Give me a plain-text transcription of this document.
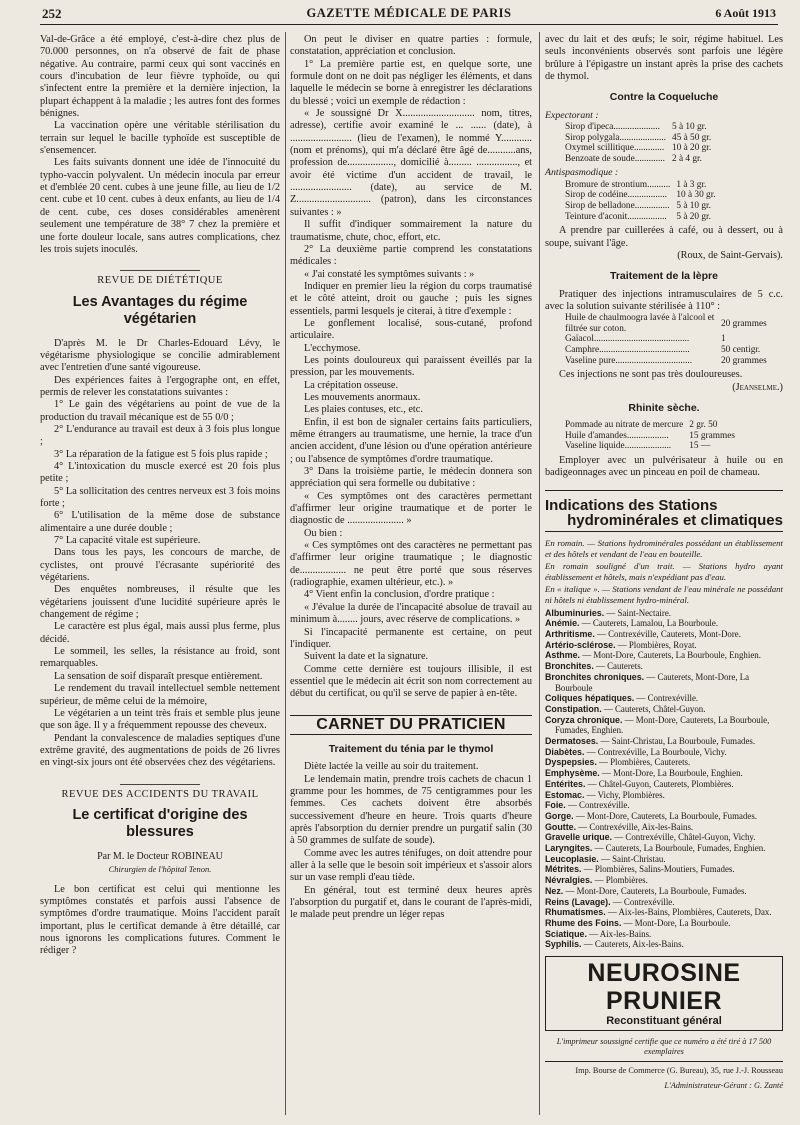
252	GAZETTE MÉDICALE DE PARIS	6 Août 1913

Val-de-Grâce a été employé, c'est-à-dire chez plus de 70.000 personnes, on n'a observé de fait de phase négative. Au contraire, parmi ceux qui sont vaccinés en cours d'incubation de leur fièvre typhoïde, ou qui s'infectent entre la première et la dernière injection, la plupart échappent à la maladie ; les autres font des formes bénignes.

La vaccination opère une véritable stérilisation du terrain sur lequel le bacille typhoïde est susceptible de s'ensemencer.

Les faits suivants donnent une idée de l'innocuité du typho-vaccin polyvalent. Un médecin inocula par erreur et d'emblée 20 cent. cubes à une jeune fille, au lieu de 1/2 cent. cube et 10 cent. cubes à deux enfants, au lieu de 1/4 de cent. cube, ces doses considérables amenèrent seulement une température de 38° 7 chez la première et une forte douleur locale, sans autres complications, chez les trois sujets inoculés.

REVUE DE DIÉTÉTIQUE
Les Avantages du régime végétarien

D'après M. le Dr Charles-Edouard Lévy, le végétarisme physiologique se concilie admirablement avec l'entretien d'une santé vigoureuse.

Des expériences faites à l'ergographe ont, en effet, permis de relever les constatations suivantes :

1° Le gain des végétariens au point de vue de la production du travail mécanique est de 55 0/0 ;

2° L'endurance au travail est deux à 3 fois plus longue ;

3° La réparation de la fatigue est 5 fois plus rapide ;

4° L'intoxication du muscle exercé est 20 fois plus petite ;

5° La sollicitation des centres nerveux est 3 fois moins forte ;

6° L'utilisation de la même dose de substance alimentaire a une durée double ;

7° La capacité vitale est supérieure.

Dans tous les pays, les concours de marche, de cyclistes, ont prouvé l'écrasante supériorité des végétariens.

Des enquêtes nombreuses, il résulte que les végétariens jouissent d'une lucidité supérieure après le changement de régime ;

Le caractère est plus égal, mais aussi plus ferme, plus décidé.

Le sommeil, les selles, la résistance au froid, sont remarquables.

La sensation de soif disparaît presque entièrement.

Le rendement du travail intellectuel semble nettement supérieur, de même celui de la mémoire,

Le végétarien a un teint très frais et semble plus jeune que son âge. Il y a fréquemment repousse des cheveux.

Pendant la convalescence de maladies septiques d'une extrême gravité, des augmentations de poids de 26 livres en vingt-six jours ont été observées chez des végétariens.

REVUE DES ACCIDENTS DU TRAVAIL
Le certificat d'origine des blessures

Par M. le Docteur ROBINEAU

Chirurgien de l'hôpital Tenon.

Le bon certificat est celui qui mentionne les symptômes constatés et parfois aussi l'absence de symptômes d'ordre traumatique. Moins l'accident paraît important, plus le certificat demande à être détaillé, car nous ignorons les complications futures. Comment le rédiger ?

On peut le diviser en quatre parties : formule, constatation, appréciation et conclusion.

1° La première partie est, en quelque sorte, une formule dont on ne doit pas négliger les éléments, et dans laquelle le médecin se borne à enregistrer les déclarations du blessé ; voici un exemple de rédaction :

« Je soussigné Dr X............................ nom, titres, adresse), certifie avoir examiné le ... ...... (date), à ........................ (lieu de l'examen), le nommé Y............ (nom et prénoms), qui m'a déclaré être âgé de...........ans, profession de.................., domicilié à......... ................, et avoir été victime d'un accident de travail, le ........................ (date), au service de M. Z............................. (patron), dans les circonstances suivantes : »

Il suffit d'indiquer sommairement la nature du traumatisme, chute, choc, effort, etc.

2° La deuxième partie comprend les constatations médicales :

« J'ai constaté les symptômes suivants : »

Indiquer en premier lieu la région du corps traumatisé et le côté atteint, droit ou gauche ; puis les signes essentiels, parmi lesquels je citerai, à titre d'exemple :

Le gonflement localisé, sous-cutané, profond articulaire.

L'ecchymose.

Les points douloureux qui paraissent éveillés par la pression, par les mouvements.

La crépitation osseuse.

Les mouvements anormaux.

Les plaies contuses, etc., etc.

Enfin, il est bon de signaler certains faits particuliers, même étrangers au traumatisme, une hernie, la trace d'un ancien accident, d'une lésion ou d'une opération antérieure ; ou l'absence de symptômes d'ordre traumatique.

3° Dans la troisième partie, le médecin donnera son appréciation qui sera formelle ou dubitative :

« Ces symptômes ont des caractères permettant d'affirmer leur origine traumatique et de porter le diagnostic de ...................... »

Ou bien :

« Ces symptômes ont des caractères ne permettant pas d'affirmer leur origine traumatique ; le diagnostic de.................. ne peut être porté que sous réserves (radiographie, examen ultérieur, etc.). »

4° Vient enfin la conclusion, d'ordre pratique :

« J'évalue la durée de l'incapacité absolue de travail au minimum à........ jours, avec réserve de complications. »

Si l'incapacité permanente est certaine, on peut l'indiquer.

Suivent la date et la signature.

Comme cette dernière est toujours illisible, il est essentiel que le médecin ait écrit son nom correctement au début du certificat, ou qu'il se serve de papier à en-tête.

CARNET DU PRATICIEN
Traitement du ténia par le thymol

Diète lactée la veille au soir du traitement.

Le lendemain matin, prendre trois cachets de chacun 1 gramme pour les hommes, de 75 centigrammes pour les femmes. Ces cachets doivent être absorbés successivement d'heure en heure. Trois quarts d'heure après l'absorption du dernier prendre un purgatif salin (30 à 50 grammes de sulfate de soude).

Comme avec les autres ténifuges, on doit attendre pour aller à la selle que le besoin soit impérieux et s'assoir alors sur un vase rempli d'eau tiède.

En général, tout est terminé deux heures après l'absorption du purgatif et, dans le courant de l'après-midi, le malade peut prendre un léger repas

avec du lait et des œufs; le soir, régime habituel. Les seuls inconvénients observés sont parfois une légère brûlure à l'épigastre un instant après la prise des cachets de thymol.

Contre la Coqueluche

Expectorant :

Sirop d'ipeca....................	5 à 10 gr.
Sirop polygala....................	45 à 50 gr.
Oxymel scillitique.............	10 à 20 gr.
Benzoate de soude.............	2 à 4 gr.

Antispasmodique :

Bromure de strontium..........	1 à 3 gr.
Sirop de codéine.................	10 à 30 gr.
Sirop de belladone...............	5 à 10 gr.
Teinture d'aconit.................	5 à 20 gr.

A prendre par cuillerées à café, ou à dessert, ou à soupe, suivant l'âge.

(Roux, de Saint-Gervais).

Traitement de la lèpre

Pratiquer des injections intramusculaires de 5 c.c. avec la solution suivante stérilisée à 110° :

Huile de chaulmoogra lavée à l'alcool et filtrée sur coton.	20 grammes
Gaïacol.........................................	1
Camphre.......................................	50 centigr.
Vaseline pure.................................	20 grammes

Ces injections ne sont pas très douloureuses.

(Jeanselme.)

Rhinite sèche.
Pommade au nitrate de mercure	2 gr. 50
Huile d'amandes..................	15 grammes
Vaseline liquide....................	15 —

Employer avec un pulvérisateur à huile ou en badigeonnages avec un pinceau en poil de chameau.

Indications des Stations
hydrominérales et climatiques

En romain. — Stations hydrominérales possédant un établissement et des hôtels et vendant de l'eau en bouteille.

En romain souligné d'un trait. — Stations hydro ayant établissement et hôtels, mais n'expédiant pas d'eau.

En « italique ». — Stations vendant de l'eau minérale ne possédant ni hôtels ni établissement hydro-minéral.

Albuminuries. — Saint-Nectaire.

Anémie. — Cauterets, Lamalou, La Bourboule.

Arthritisme. — Contrexéville, Cauterets, Mont-Dore.

Artério-sclérose. — Plombières, Royat.

Asthme. — Mont-Dore, Cauterets, La Bourboule, Enghien.

Bronchites. — Cauterets.

Bronchites chroniques. — Cauterets, Mont-Dore, La Bourboule

Coliques hépatiques. — Contrexéville.

Constipation. — Cauterets, Châtel-Guyon.

Coryza chronique. — Mont-Dore, Cauterets, La Bourboule, Fumades, Enghien.

Dermatoses. — Saint-Christau, La Bourboule, Fumades.

Diabètes. — Contrexéville, La Bourboule, Vichy.

Dyspepsies. — Plombières, Cauterets.

Emphysème. — Mont-Dore, La Bourboule, Enghien.

Entérites. — Châtel-Guyon, Cauterets, Plombières.

Estomac. — Vichy, Plombières.

Foie. — Contrexéville.

Gorge. — Mont-Dore, Cauterets, La Bourboule, Fumades.

Goutte. — Contrexéville, Aix-les-Bains.

Gravelle urique. — Contrexéville, Châtel-Guyon, Vichy.

Laryngites. — Cauterets, La Bourboule, Fumades, Enghien.

Leucoplasie. — Saint-Christau.

Métrites. — Plombières, Salins-Moutiers, Fumades.

Névralgies. — Plombières.

Nez. — Mont-Dore, Cauterets, La Bourboule, Fumades.

Reins (Lavage). — Contrexéville.

Rhumatismes. — Aix-les-Bains, Plombières, Cauterets, Dax.

Rhume des Foins. — Mont-Dore, La Bourboule.

Sciatique. — Aix-les-Bains.

Syphilis. — Cauterets, Aix-les-Bains.

NEUROSINE PRUNIER
Reconstituant général
L'imprimeur soussigné certifie que ce numéro a été tiré à 17 500 exemplaires
Imp. Bourse de Commerce (G. Bureau), 35, rue J.-J. Rousseau
L'Administrateur-Gérant : G. Zanté
